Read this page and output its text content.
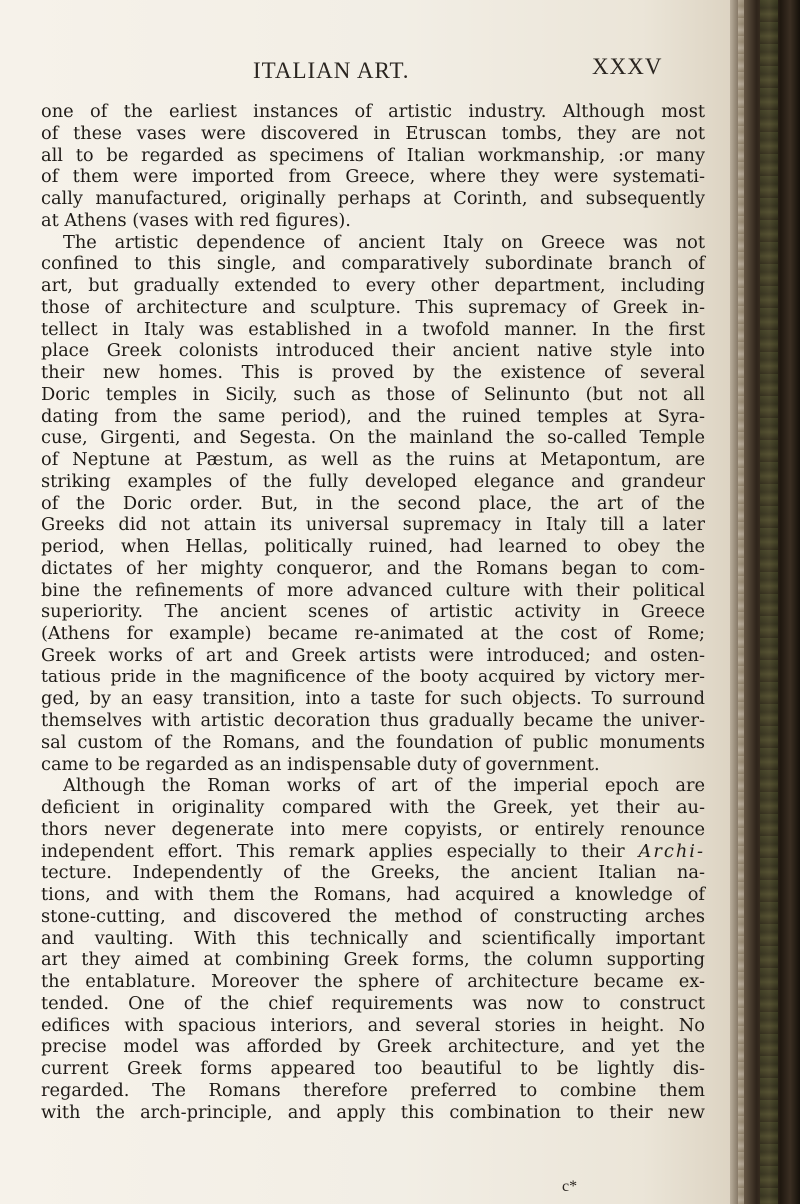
ITALIAN ART.	XXXV
one of the earliest instances of artistic industry. Although most
of these vases were discovered in Etruscan tombs, they are not
all to be regarded as specimens of Italian workmanship, :or many
of them were imported from Greece, where they were systemati-
cally manufactured, originally perhaps at Corinth, and subsequently
at Athens (vases with red figures).
The artistic dependence of ancient Italy on Greece was not
confined to this single, and comparatively subordinate branch of
art, but gradually extended to every other department, including
those of architecture and sculpture. This supremacy of Greek in-
tellect in Italy was established in a twofold manner. In the first
place Greek colonists introduced their ancient native style into
their new homes. This is proved by the existence of several
Doric temples in Sicily, such as those of Selinunto (but not all
dating from the same period), and the ruined temples at Syra-
cuse, Girgenti, and Segesta. On the mainland the so-called Temple
of Neptune at Pæstum, as well as the ruins at Metapontum, are
striking examples of the fully developed elegance and grandeur
of the Doric order. But, in the second place, the art of the
Greeks did not attain its universal supremacy in Italy till a later
period, when Hellas, politically ruined, had learned to obey the
dictates of her mighty conqueror, and the Romans began to com-
bine the refinements of more advanced culture with their political
superiority. The ancient scenes of artistic activity in Greece
(Athens for example) became re-animated at the cost of Rome;
Greek works of art and Greek artists were introduced; and osten-
tatious pride in the magnificence of the booty acquired by victory mer-
ged, by an easy transition, into a taste for such objects. To surround
themselves with artistic decoration thus gradually became the univer-
sal custom of the Romans, and the foundation of public monuments
came to be regarded as an indispensable duty of government.
Although the Roman works of art of the imperial epoch are
deficient in originality compared with the Greek, yet their au-
thors never degenerate into mere copyists, or entirely renounce
independent effort. This remark applies especially to their Archi-
tecture. Independently of the Greeks, the ancient Italian na-
tions, and with them the Romans, had acquired a knowledge of
stone-cutting, and discovered the method of constructing arches
and vaulting. With this technically and scientifically important
art they aimed at combining Greek forms, the column supporting
the entablature. Moreover the sphere of architecture became ex-
tended. One of the chief requirements was now to construct
edifices with spacious interiors, and several stories in height. No
precise model was afforded by Greek architecture, and yet the
current Greek forms appeared too beautiful to be lightly dis-
regarded. The Romans therefore preferred to combine them
with the arch-principle, and apply this combination to their new
c*
